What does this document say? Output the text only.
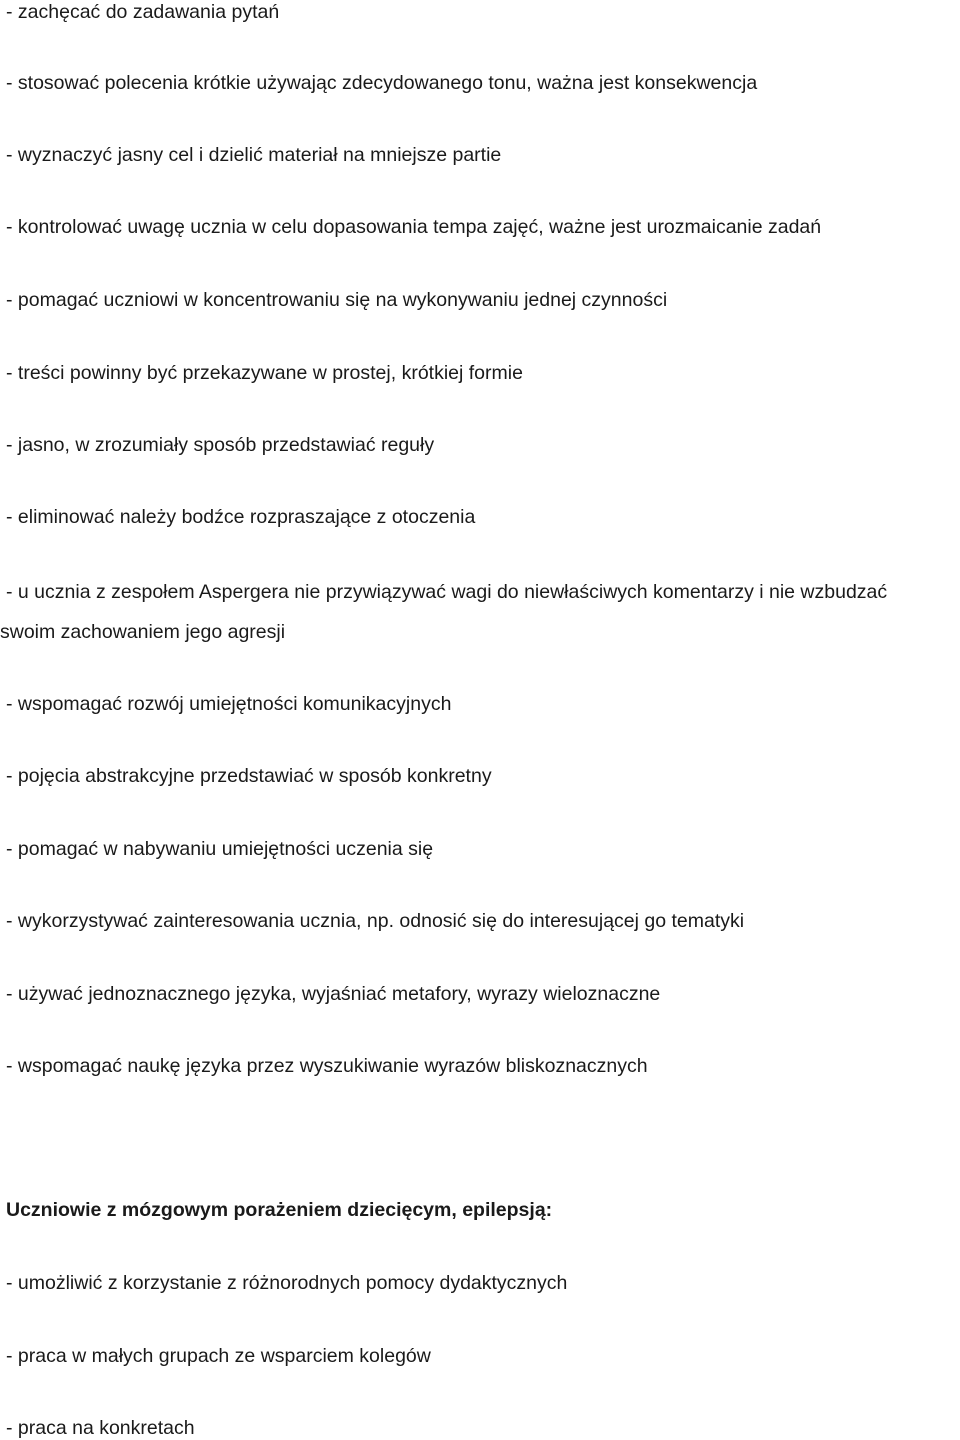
- zachęcać do zadawania pytań

- stosować polecenia krótkie używając zdecydowanego tonu, ważna jest konsekwencja

- wyznaczyć jasny cel i dzielić materiał na mniejsze partie

- kontrolować uwagę ucznia w celu dopasowania tempa zajęć, ważne jest urozmaicanie zadań

- pomagać uczniowi w koncentrowaniu się na wykonywaniu jednej czynności

- treści powinny być przekazywane w prostej, krótkiej formie

- jasno, w zrozumiały sposób przedstawiać reguły

- eliminować należy bodźce rozpraszające z otoczenia

- u ucznia z zespołem Aspergera nie przywiązywać wagi do niewłaściwych komentarzy i nie wzbudzać

swoim zachowaniem jego agresji

- wspomagać rozwój umiejętności komunikacyjnych

- pojęcia abstrakcyjne przedstawiać w sposób konkretny

- pomagać w nabywaniu umiejętności uczenia się

- wykorzystywać zainteresowania ucznia, np. odnosić się do interesującej go tematyki

- używać jednoznacznego języka, wyjaśniać metafory, wyrazy wieloznaczne

- wspomagać naukę języka przez wyszukiwanie wyrazów bliskoznacznych

Uczniowie z mózgowym porażeniem dziecięcym, epilepsją:

- umożliwić z korzystanie z różnorodnych pomocy dydaktycznych

- praca w małych grupach ze wsparciem kolegów

- praca na konkretach
